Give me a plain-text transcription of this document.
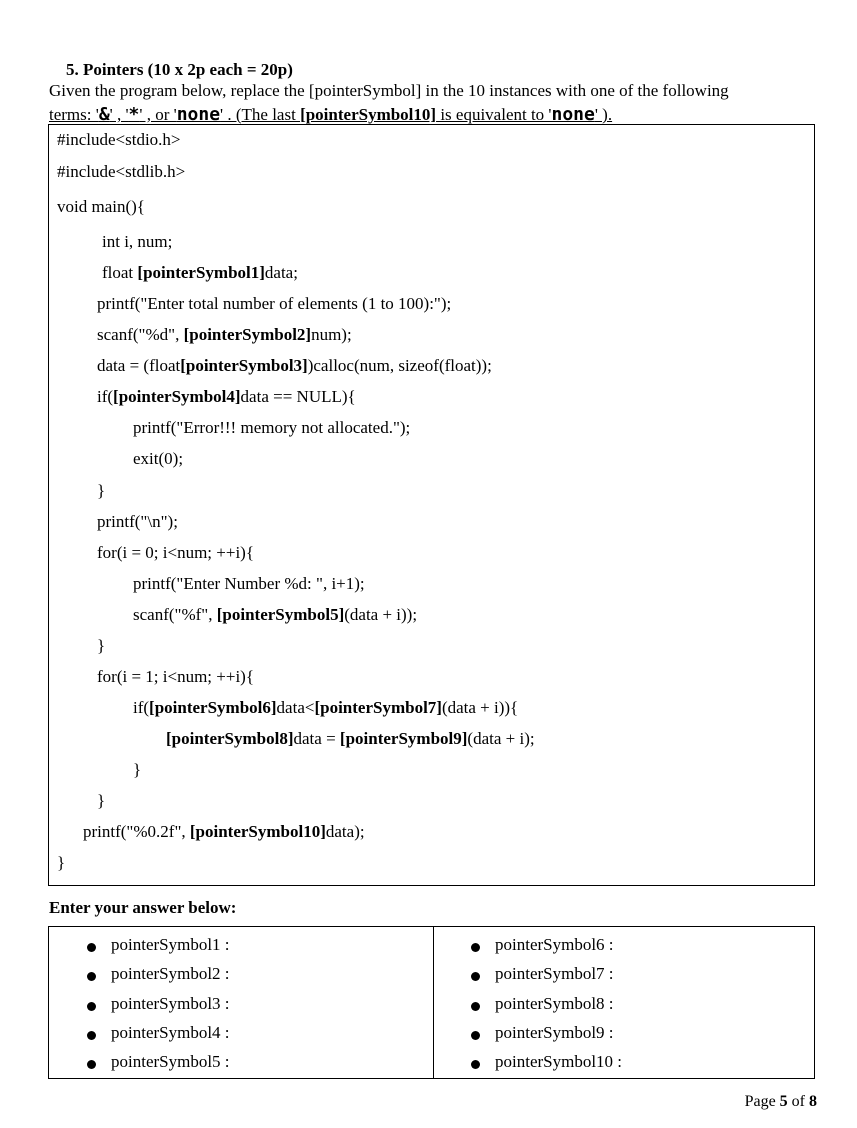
5. Pointers (10 x 2p each = 20p)
Given the program below, replace the [pointerSymbol] in the 10 instances with one of the following
terms: '&' , '*' , or 'none' . (The last [pointerSymbol10] is equivalent to 'none' ).
#include<stdio.h>
#include<stdlib.h>
void main(){
int i, num;
float [pointerSymbol1]data;
printf("Enter total number of elements (1 to 100):");
scanf("%d", [pointerSymbol2]num);
data = (float[pointerSymbol3])calloc(num, sizeof(float));
if([pointerSymbol4]data == NULL){
printf("Error!!! memory not allocated.");
exit(0);
}
printf("\n");
for(i = 0; i<num; ++i){
printf("Enter Number %d: ", i+1);
scanf("%f", [pointerSymbol5](data + i));
}
for(i = 1; i<num; ++i){
if([pointerSymbol6]data<[pointerSymbol7](data + i)){
[pointerSymbol8]data = [pointerSymbol9](data + i);
}
}
printf("%0.2f", [pointerSymbol10]data);
}
Enter your answer below:
pointerSymbol1 :
pointerSymbol2 :
pointerSymbol3 :
pointerSymbol4 :
pointerSymbol5 :
pointerSymbol6 :
pointerSymbol7 :
pointerSymbol8 :
pointerSymbol9 :
pointerSymbol10 :
Page 5 of 8
